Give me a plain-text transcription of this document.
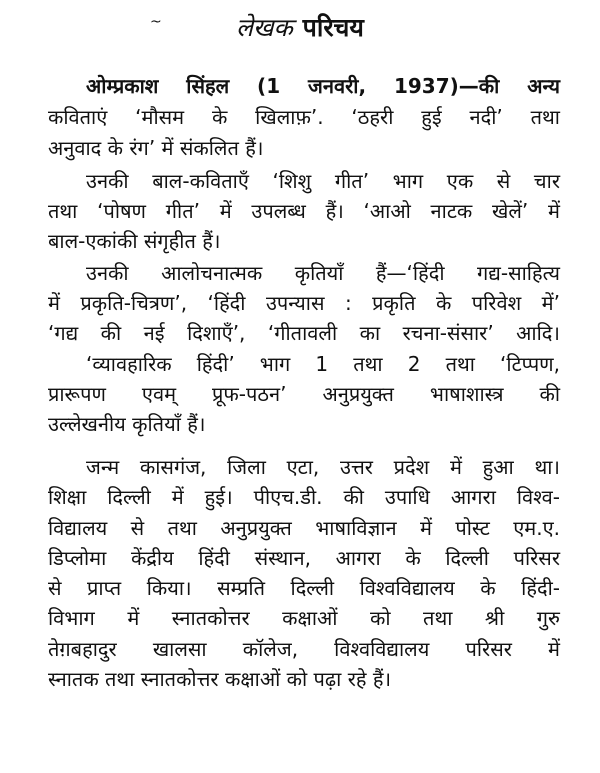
~	लेखक परिचय
ओम्प्रकाश सिंहल (1 जनवरी, 1937)—की अन्य
कविताएं ‘मौसम के खिलाफ़’. ‘ठहरी हुई नदी’ तथा
अनुवाद के रंग’ में संकलित हैं।
उनकी बाल-कविताएँ ‘शिशु गीत’ भाग एक से चार
तथा ‘पोषण गीत’ में उपलब्ध हैं। ‘आओ नाटक खेलें’ में
बाल-एकांकी संगृहीत हैं।
उनकी आलोचनात्मक कृतियाँ हैं—‘हिंदी गद्य-साहित्य
में प्रकृति-चित्रण’, ‘हिंदी उपन्यास : प्रकृति के परिवेश में’
‘गद्य की नई दिशाएँ’, ‘गीतावली का रचना-संसार’ आदि।
‘व्यावहारिक हिंदी’ भाग 1 तथा 2 तथा ‘टिप्पण,
प्रारूपण एवम् प्रूफ-पठन’ अनुप्रयुक्त भाषाशास्त्र की
उल्लेखनीय कृतियाँ हैं।
जन्म कासगंज, जिला एटा, उत्तर प्रदेश में हुआ था।
शिक्षा दिल्ली में हुई। पीएच.डी. की उपाधि आगरा विश्व-
विद्यालय से तथा अनुप्रयुक्त भाषाविज्ञान में पोस्ट एम.ए.
डिप्लोमा केंद्रीय हिंदी संस्थान, आगरा के दिल्ली परिसर
से प्राप्त किया। सम्प्रति दिल्ली विश्वविद्यालय के हिंदी-
विभाग में स्नातकोत्तर कक्षाओं को तथा श्री गुरु
तेग़बहादुर खालसा कॉलेज, विश्वविद्यालय परिसर में
स्नातक तथा स्नातकोत्तर कक्षाओं को पढ़ा रहे हैं।
